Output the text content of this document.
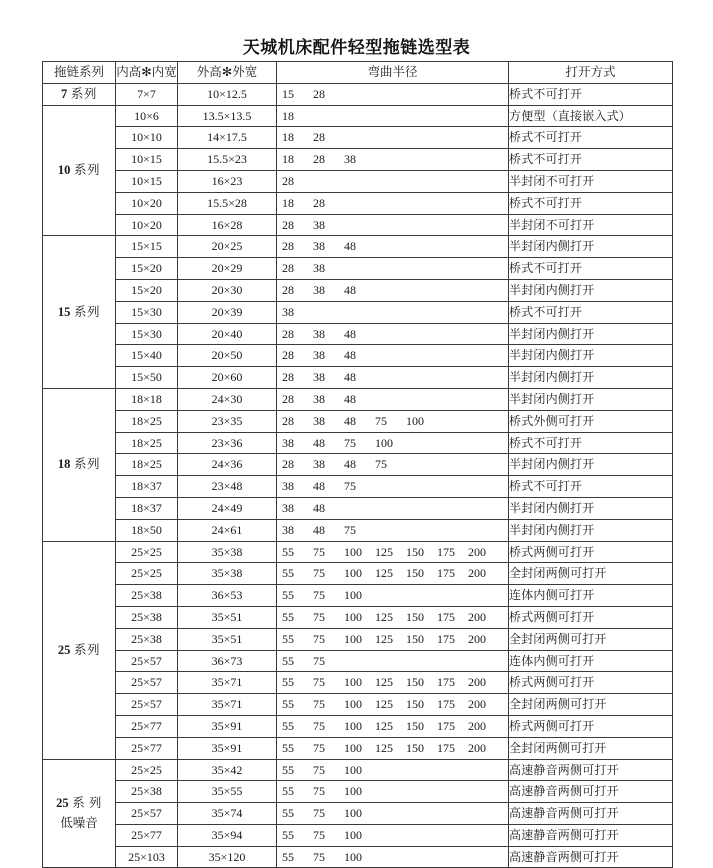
天城机床配件轻型拖链选型表
拖链系列	内高✻内宽	外高✻外宽	弯曲半径	打开方式
7 系列	7×7	10×12.5	15 28	桥式不可打开
10 系列	10×6	13.5×13.5	18	方便型（直接嵌入式）
	10×10	14×17.5	18 28	桥式不可打开
	10×15	15.5×23	18 28 38	桥式不可打开
	10×15	16×23	28	半封闭不可打开
	10×20	15.5×28	18 28	桥式不可打开
	10×20	16×28	28 38	半封闭不可打开
15 系列	15×15	20×25	28 38 48	半封闭内侧打开
	15×20	20×29	28 38	桥式不可打开
	15×20	20×30	28 38 48	半封闭内侧打开
	15×30	20×39	38	桥式不可打开
	15×30	20×40	28 38 48	半封闭内侧打开
	15×40	20×50	28 38 48	半封闭内侧打开
	15×50	20×60	28 38 48	半封闭内侧打开
18 系列	18×18	24×30	28 38 48	半封闭内侧打开
	18×25	23×35	28 38 48 75 100	桥式外侧可打开
	18×25	23×36	38 48 75 100	桥式不可打开
	18×25	24×36	28 38 48 75	半封闭内侧打开
	18×37	23×48	38 48 75	桥式不可打开
	18×37	24×49	38 48	半封闭内侧打开
	18×50	24×61	38 48 75	半封闭内侧打开
25 系列	25×25	35×38	55 75 100 125 150 175 200	桥式两侧可打开
	25×25	35×38	55 75 100 125 150 175 200	全封闭两侧可打开
	25×38	36×53	55 75 100	连体内侧可打开
	25×38	35×51	55 75 100 125 150 175 200	桥式两侧可打开
	25×38	35×51	55 75 100 125 150 175 200	全封闭两侧可打开
	25×57	36×73	55 75	连体内侧可打开
	25×57	35×71	55 75 100 125 150 175 200	桥式两侧可打开
	25×57	35×71	55 75 100 125 150 175 200	全封闭两侧可打开
	25×77	35×91	55 75 100 125 150 175 200	桥式两侧可打开
	25×77	35×91	55 75 100 125 150 175 200	全封闭两侧可打开
25 系 列
低噪音	25×25	35×42	55 75 100	高速静音两侧可打开
	25×38	35×55	55 75 100	高速静音两侧可打开
	25×57	35×74	55 75 100	高速静音两侧可打开
	25×77	35×94	55 75 100	高速静音两侧可打开
	25×103	35×120	55 75 100	高速静音两侧可打开
